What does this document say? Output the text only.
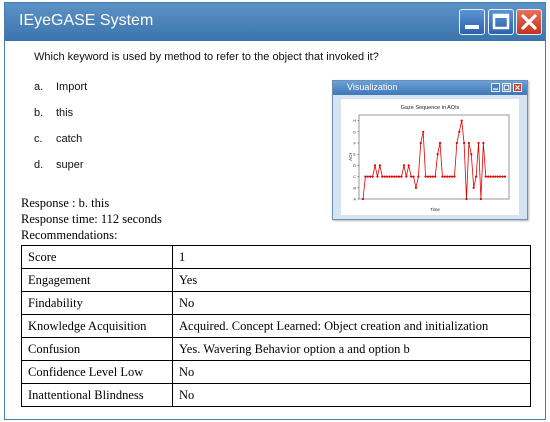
IEyeGASE System
Which keyword is used by method to refer to the object that invoked it?
a. Import
b. this
c. catch
d. super
Visualization
Gaze Sequence in AOIs
AOI
Time
A
B
C
D
E
F
G
H
Response : b. this
Response time: 112 seconds
Recommendations:
Score	1
Engagement	Yes
Findability	No
Knowledge Acquisition	Acquired. Concept Learned: Object creation and initialization
Confusion	Yes. Wavering Behavior option a and option b
Confidence Level Low	No
Inattentional Blindness	No
